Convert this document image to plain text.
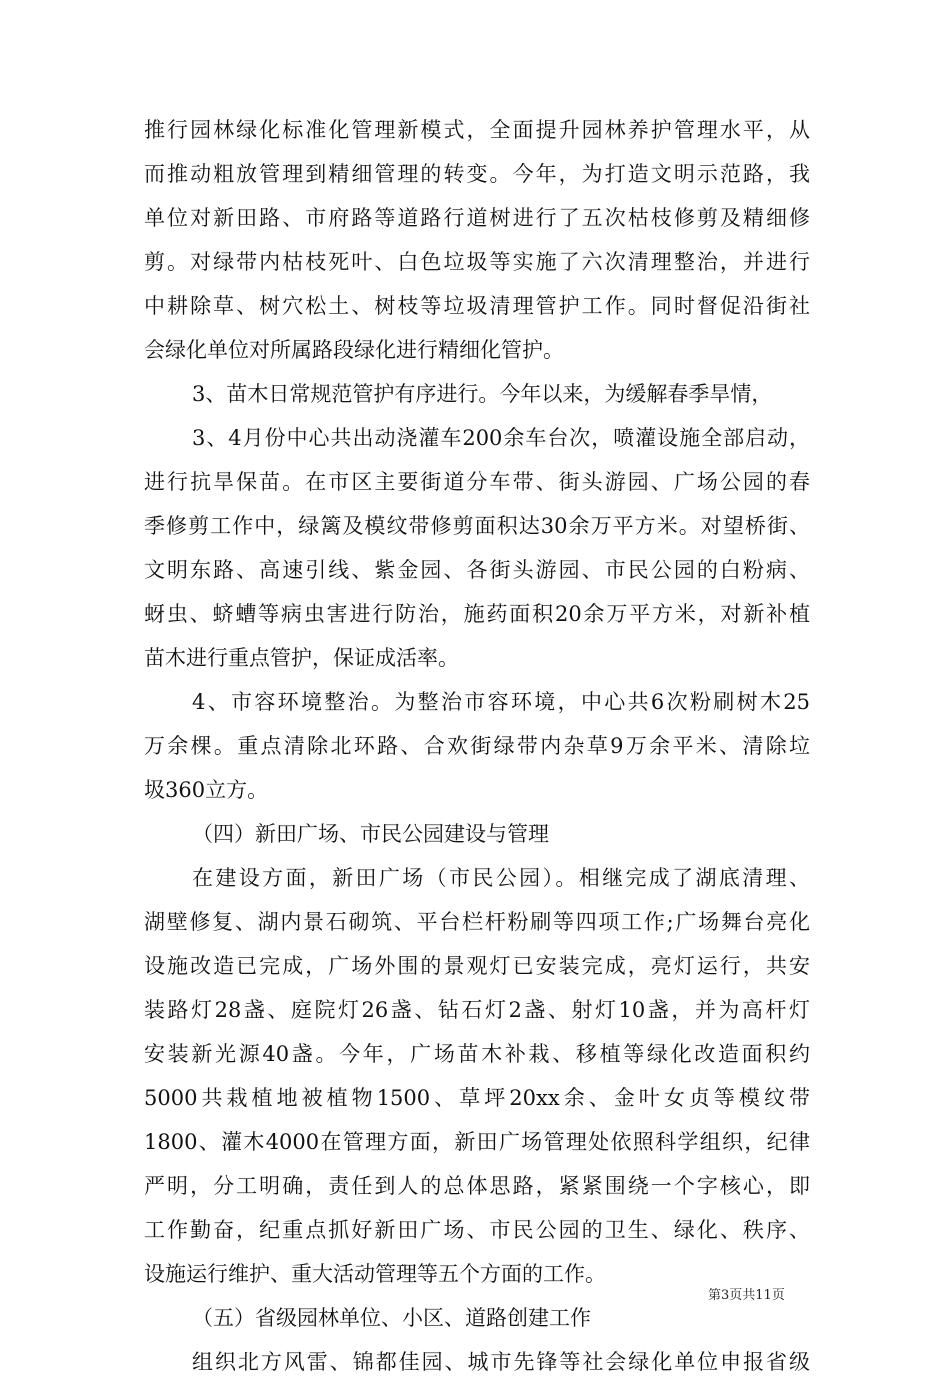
推行园林绿化标准化管理新模式，全面提升园林养护管理水平，从
而推动粗放管理到精细管理的转变。今年，为打造文明示范路，我
单位对新田路、市府路等道路行道树进行了五次枯枝修剪及精细修
剪。对绿带内枯枝死叶、白色垃圾等实施了六次清理整治，并进行
中耕除草、树穴松土、树枝等垃圾清理管护工作。同时督促沿街社
会绿化单位对所属路段绿化进行精细化管护。
3、苗木日常规范管护有序进行。今年以来，为缓解春季旱情，
3、4月份中心共出动浇灌车200余车台次，喷灌设施全部启动，
进行抗旱保苗。在市区主要街道分车带、街头游园、广场公园的春
季修剪工作中，绿篱及模纹带修剪面积达30余万平方米。对望桥街、
文明东路、高速引线、紫金园、各街头游园、市民公园的白粉病、
蚜虫、蛴螬等病虫害进行防治，施药面积20余万平方米，对新补植
苗木进行重点管护，保证成活率。
4、市容环境整治。为整治市容环境，中心共6次粉刷树木25
万余棵。重点清除北环路、合欢街绿带内杂草9万余平米、清除垃
圾360立方。
（四）新田广场、市民公园建设与管理
在建设方面，新田广场（市民公园）。相继完成了湖底清理、
湖壁修复、湖内景石砌筑、平台栏杆粉刷等四项工作;广场舞台亮化
设施改造已完成，广场外围的景观灯已安装完成，亮灯运行，共安
装路灯28盏、庭院灯26盏、钻石灯2盏、射灯10盏，并为高杆灯
安装新光源40盏。今年，广场苗木补栽、移植等绿化改造面积约
5000共栽植地被植物1500、草坪20xx余、金叶女贞等模纹带
1800、灌木4000在管理方面，新田广场管理处依照科学组织，纪律
严明，分工明确，责任到人的总体思路，紧紧围绕一个字核心，即
工作勤奋，纪重点抓好新田广场、市民公园的卫生、绿化、秩序、
设施运行维护、重大活动管理等五个方面的工作。
（五）省级园林单位、小区、道路创建工作
组织北方风雷、锦都佳园、城市先锋等社会绿化单位申报省级
第3页共11页
